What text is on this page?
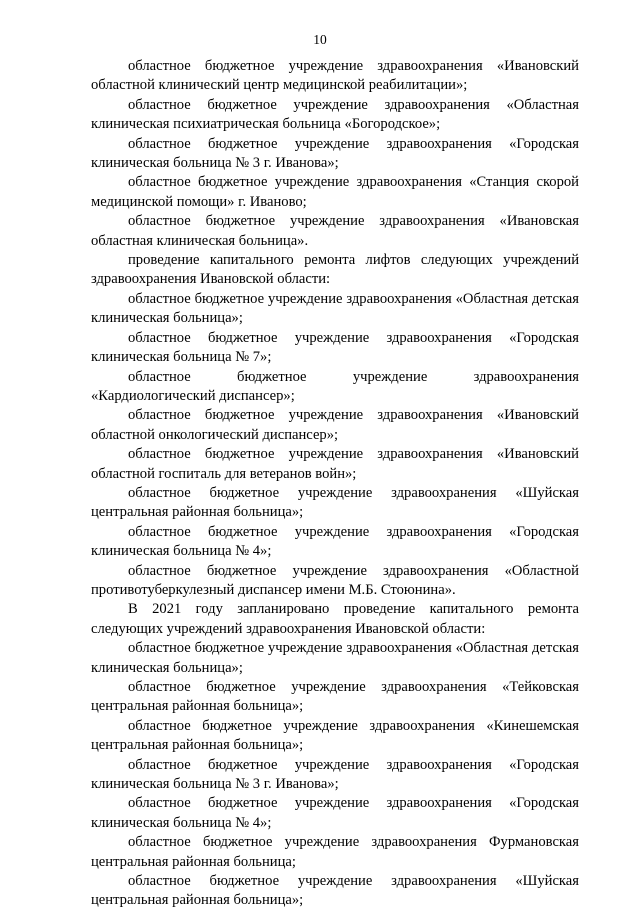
10

областное бюджетное учреждение здравоохранения «Ивановский областной клинический центр медицинской реабилитации»;

областное бюджетное учреждение здравоохранения «Областная клиническая психиатрическая больница «Богородское»;

областное бюджетное учреждение здравоохранения «Городская клиническая больница № 3 г. Иванова»;

областное бюджетное учреждение здравоохранения «Станция скорой медицинской помощи» г. Иваново;

областное бюджетное учреждение здравоохранения «Ивановская областная клиническая больница».

проведение капитального ремонта лифтов следующих учреждений здравоохранения Ивановской области:

областное бюджетное учреждение здравоохранения «Областная детская клиническая больница»;

областное бюджетное учреждение здравоохранения «Городская клиническая больница № 7»;

областное бюджетное учреждение здравоохранения «Кардиологический диспансер»;

областное бюджетное учреждение здравоохранения «Ивановский областной онкологический диспансер»;

областное бюджетное учреждение здравоохранения «Ивановский областной госпиталь для ветеранов войн»;

областное бюджетное учреждение здравоохранения «Шуйская центральная районная больница»;

областное бюджетное учреждение здравоохранения «Городская клиническая больница № 4»;

областное бюджетное учреждение здравоохранения «Областной противотуберкулезный диспансер имени М.Б. Стоюнина».

В 2021 году запланировано проведение капитального ремонта следующих учреждений здравоохранения Ивановской области:

областное бюджетное учреждение здравоохранения «Областная детская клиническая больница»;

областное бюджетное учреждение здравоохранения «Тейковская центральная районная больница»;

областное бюджетное учреждение здравоохранения «Кинешемская центральная районная больница»;

областное бюджетное учреждение здравоохранения «Городская клиническая больница № 3 г. Иванова»;

областное бюджетное учреждение здравоохранения «Городская клиническая больница № 4»;

областное бюджетное учреждение здравоохранения Фурмановская центральная районная больница;

областное бюджетное учреждение здравоохранения «Шуйская центральная районная больница»;
